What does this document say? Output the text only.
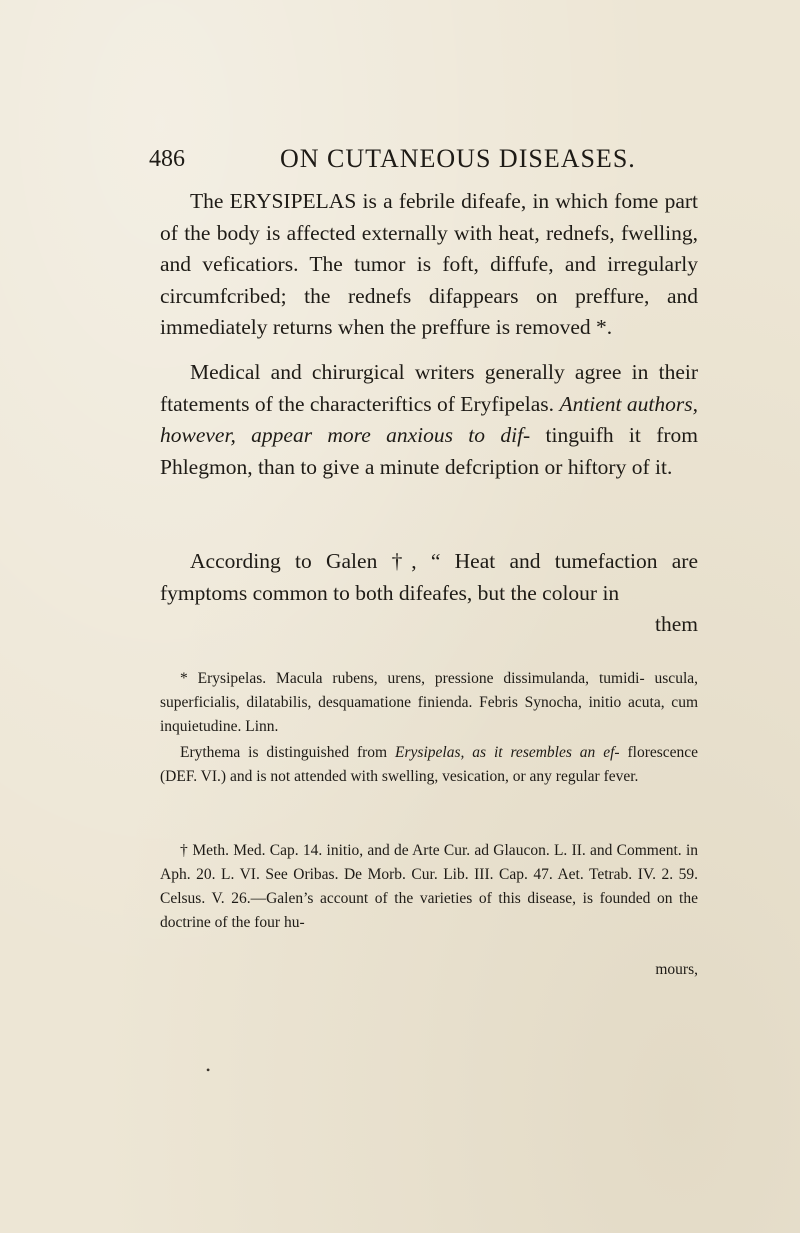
486	ON CUTANEOUS DISEASES.

The ERYSIPELAS is a febrile difeafe, in which fome part of the body is affected externally with heat, rednefs, fwelling, and veficatiors. The tumor is foft, diffufe, and irregularly circumfcribed; the rednefs difappears on preffure, and immediately returns when the preffure is removed *.

Medical and chirurgical writers generally agree in their ftatements of the characteriftics of Eryfipelas. Antient authors, however, appear more anxious to dif- tinguifh it from Phlegmon, than to give a minute defcription or hiftory of it.

According to Galen †, “ Heat and tumefaction are fymptoms common to both difeafes, but the colour in

them

* Erysipelas. Macula rubens, urens, pressione dissimulanda, tumidi- uscula, superficialis, dilatabilis, desquamatione finienda. Febris Synocha, initio acuta, cum inquietudine. Linn.

Erythema is distinguished from Erysipelas, as it resembles an ef- florescence (DEF. VI.) and is not attended with swelling, vesication, or any regular fever.

† Meth. Med. Cap. 14. initio, and de Arte Cur. ad Glaucon. L. II. and Comment. in Aph. 20. L. VI. See Oribas. De Morb. Cur. Lib. III. Cap. 47. Aet. Tetrab. IV. 2. 59. Celsus. V. 26.—Galen’s account of the varieties of this disease, is founded on the doctrine of the four hu-

mours,
•
